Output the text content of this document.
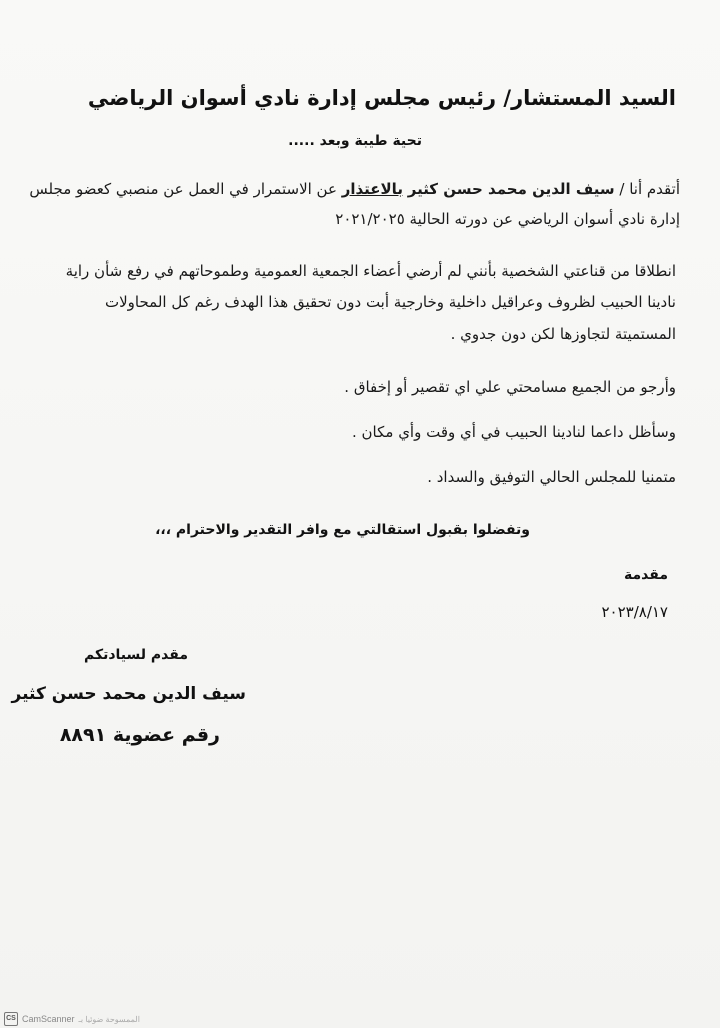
السيد المستشار/ رئيس مجلس إدارة نادي أسوان الرياضي
تحية طيبة وبعد .....
أتقدم أنا / سيف الدين محمد حسن كثير بالاعتذار عن الاستمرار في العمل عن منصبي كعضو مجلس
إدارة نادي أسوان الرياضي عن دورته الحالية ٢٠٢١/٢٠٢٥
انطلاقا من قناعتي الشخصية بأنني لم أرضي أعضاء الجمعية العمومية وطموحاتهم في رفع شأن راية
نادينا الحبيب لظروف وعراقيل داخلية وخارجية أبت دون تحقيق هذا الهدف رغم كل المحاولات
المستميتة لتجاوزها لكن دون جدوي .
وأرجو من الجميع مسامحتي علي اي تقصير أو إخفاق .
وسأظل داعما لنادينا الحبيب في أي وقت وأي مكان .
متمنيا للمجلس الحالي التوفيق والسداد .
وتفضلوا بقبول استقالتي مع وافر التقدير والاحترام ،،،
مقدمة
٢٠٢٣/٨/١٧
مقدم لسيادتكم
سيف الدين محمد حسن كثير
رقم عضوية ٨٨٩١
CS CamScanner الممسوحة ضوئيا بـ
